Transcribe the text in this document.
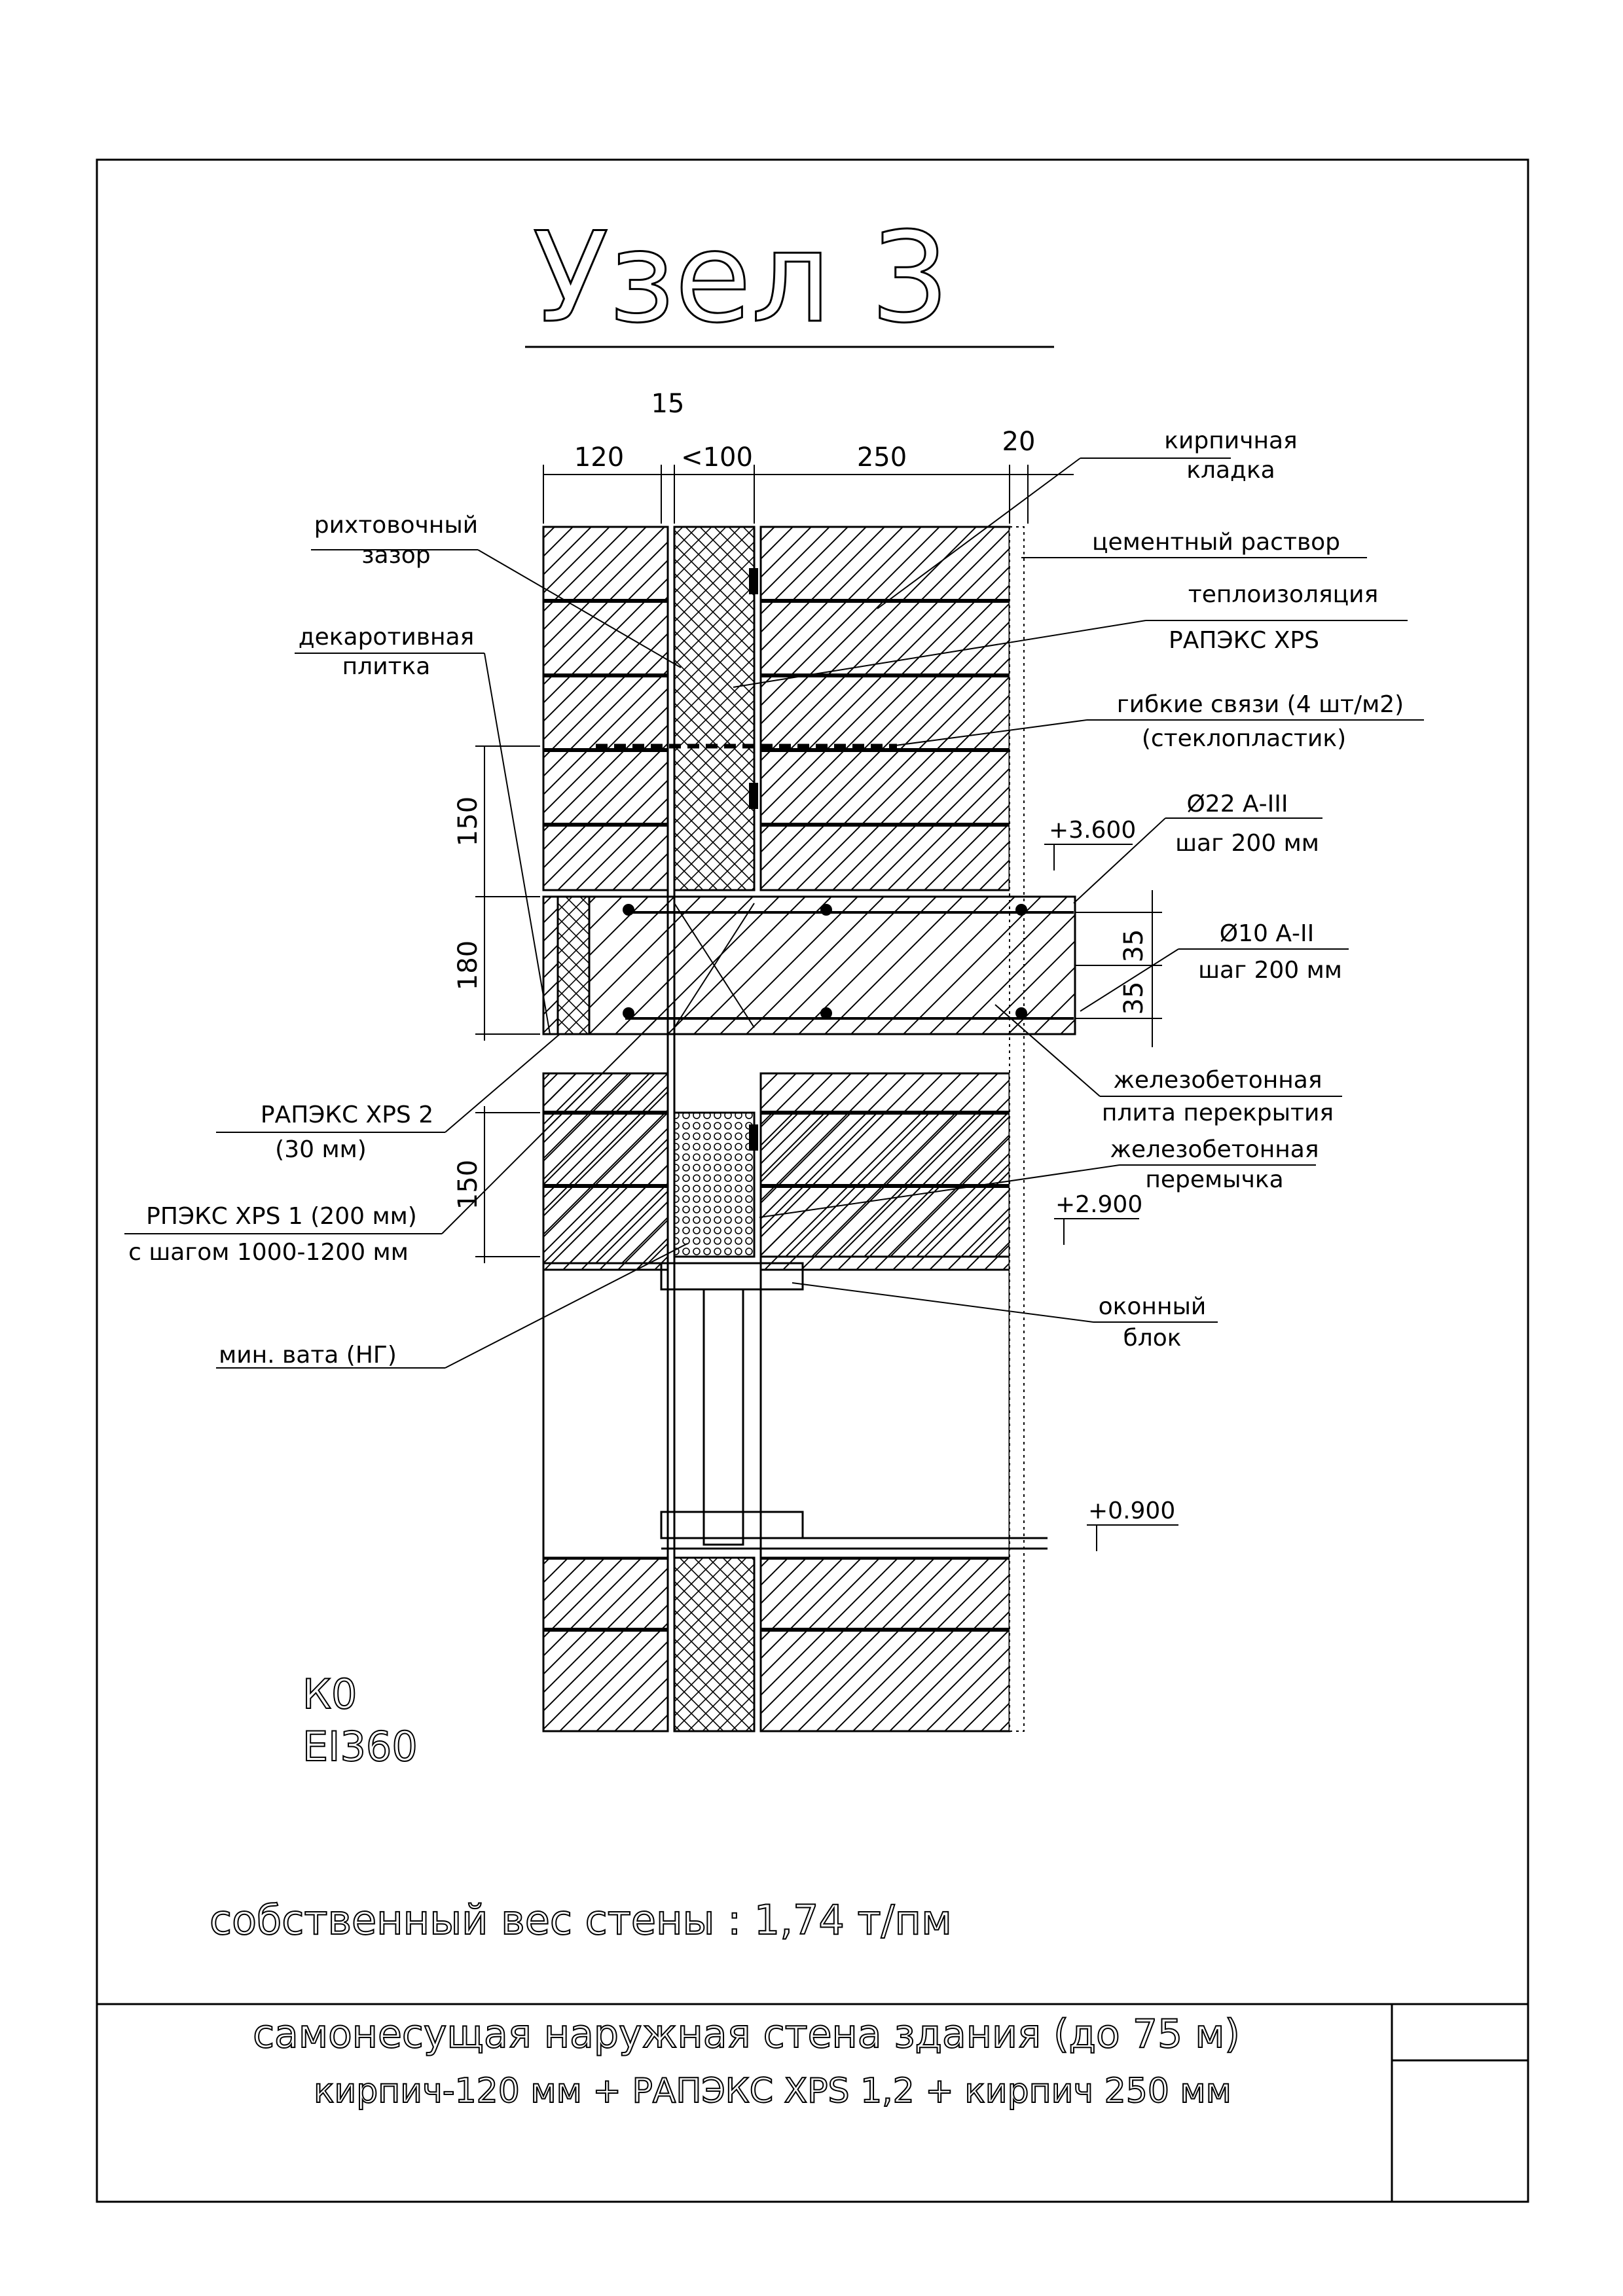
Узел 3
120
15
<100	250
20
150
180
150
35
35
+3.600
+2.900
+0.900
кирпичная
кладка
цементный раствор
теплоизоляция
РАПЭКС XPS
гибкие связи (4 шт/м2)
(стеклопластик)
Ø22 А-III
шаг 200 мм
Ø10 А-II
шаг 200 мм
железобетонная
плита перекрытия
железобетонная
перемычка
оконный
блок
рихтовочный
зазор
декаротивная
плитка
РАПЭКС XPS 2
(30 мм)
РПЭКС XPS 1 (200 мм)
с шагом 1000-1200 мм
мин. вата (НГ)
К0
EI360
собственный вес стены : 1,74 т/пм
самонесущая наружная стена здания (до 75 м)
кирпич-120 мм + РАПЭКС XPS 1,2 + кирпич 250 мм
